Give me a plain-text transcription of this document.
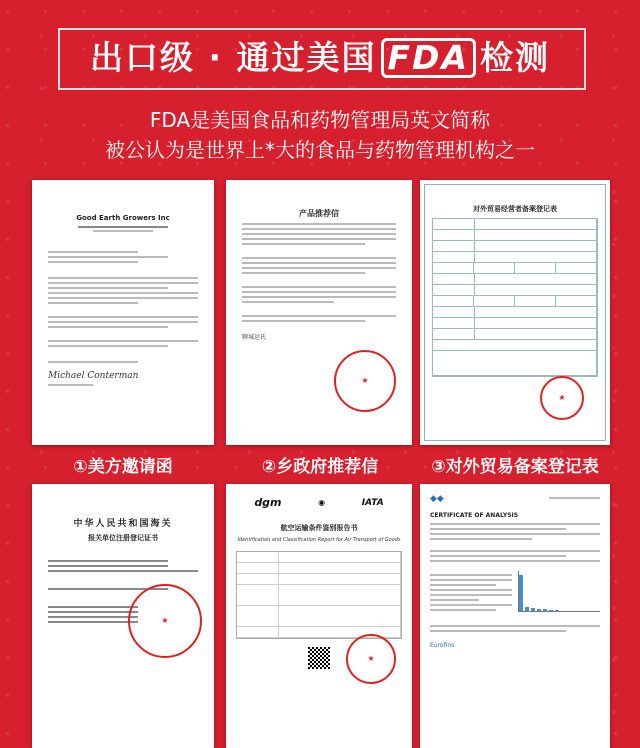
出口级 · 通过美国 FDA 检测
FDA是美国食品和药物管理局英文简称
被公认为是世界上*大的食品与药物管理机构之一
Good Earth Growers Inc
Michael Conterman
①美方邀请函
产品推荐信
聊城运氏
★
②乡政府推荐信
对外贸易经营者备案登记表
★
③对外贸易备案登记表
中华人民共和国海关
报关单位注册登记证书
★
dgm	◉	IATA
航空运输条件鉴别报告书
Identification and Classification Report for Air Transport of Goods
★
◆◆
CERTIFICATE OF ANALYSIS
Eurofins
